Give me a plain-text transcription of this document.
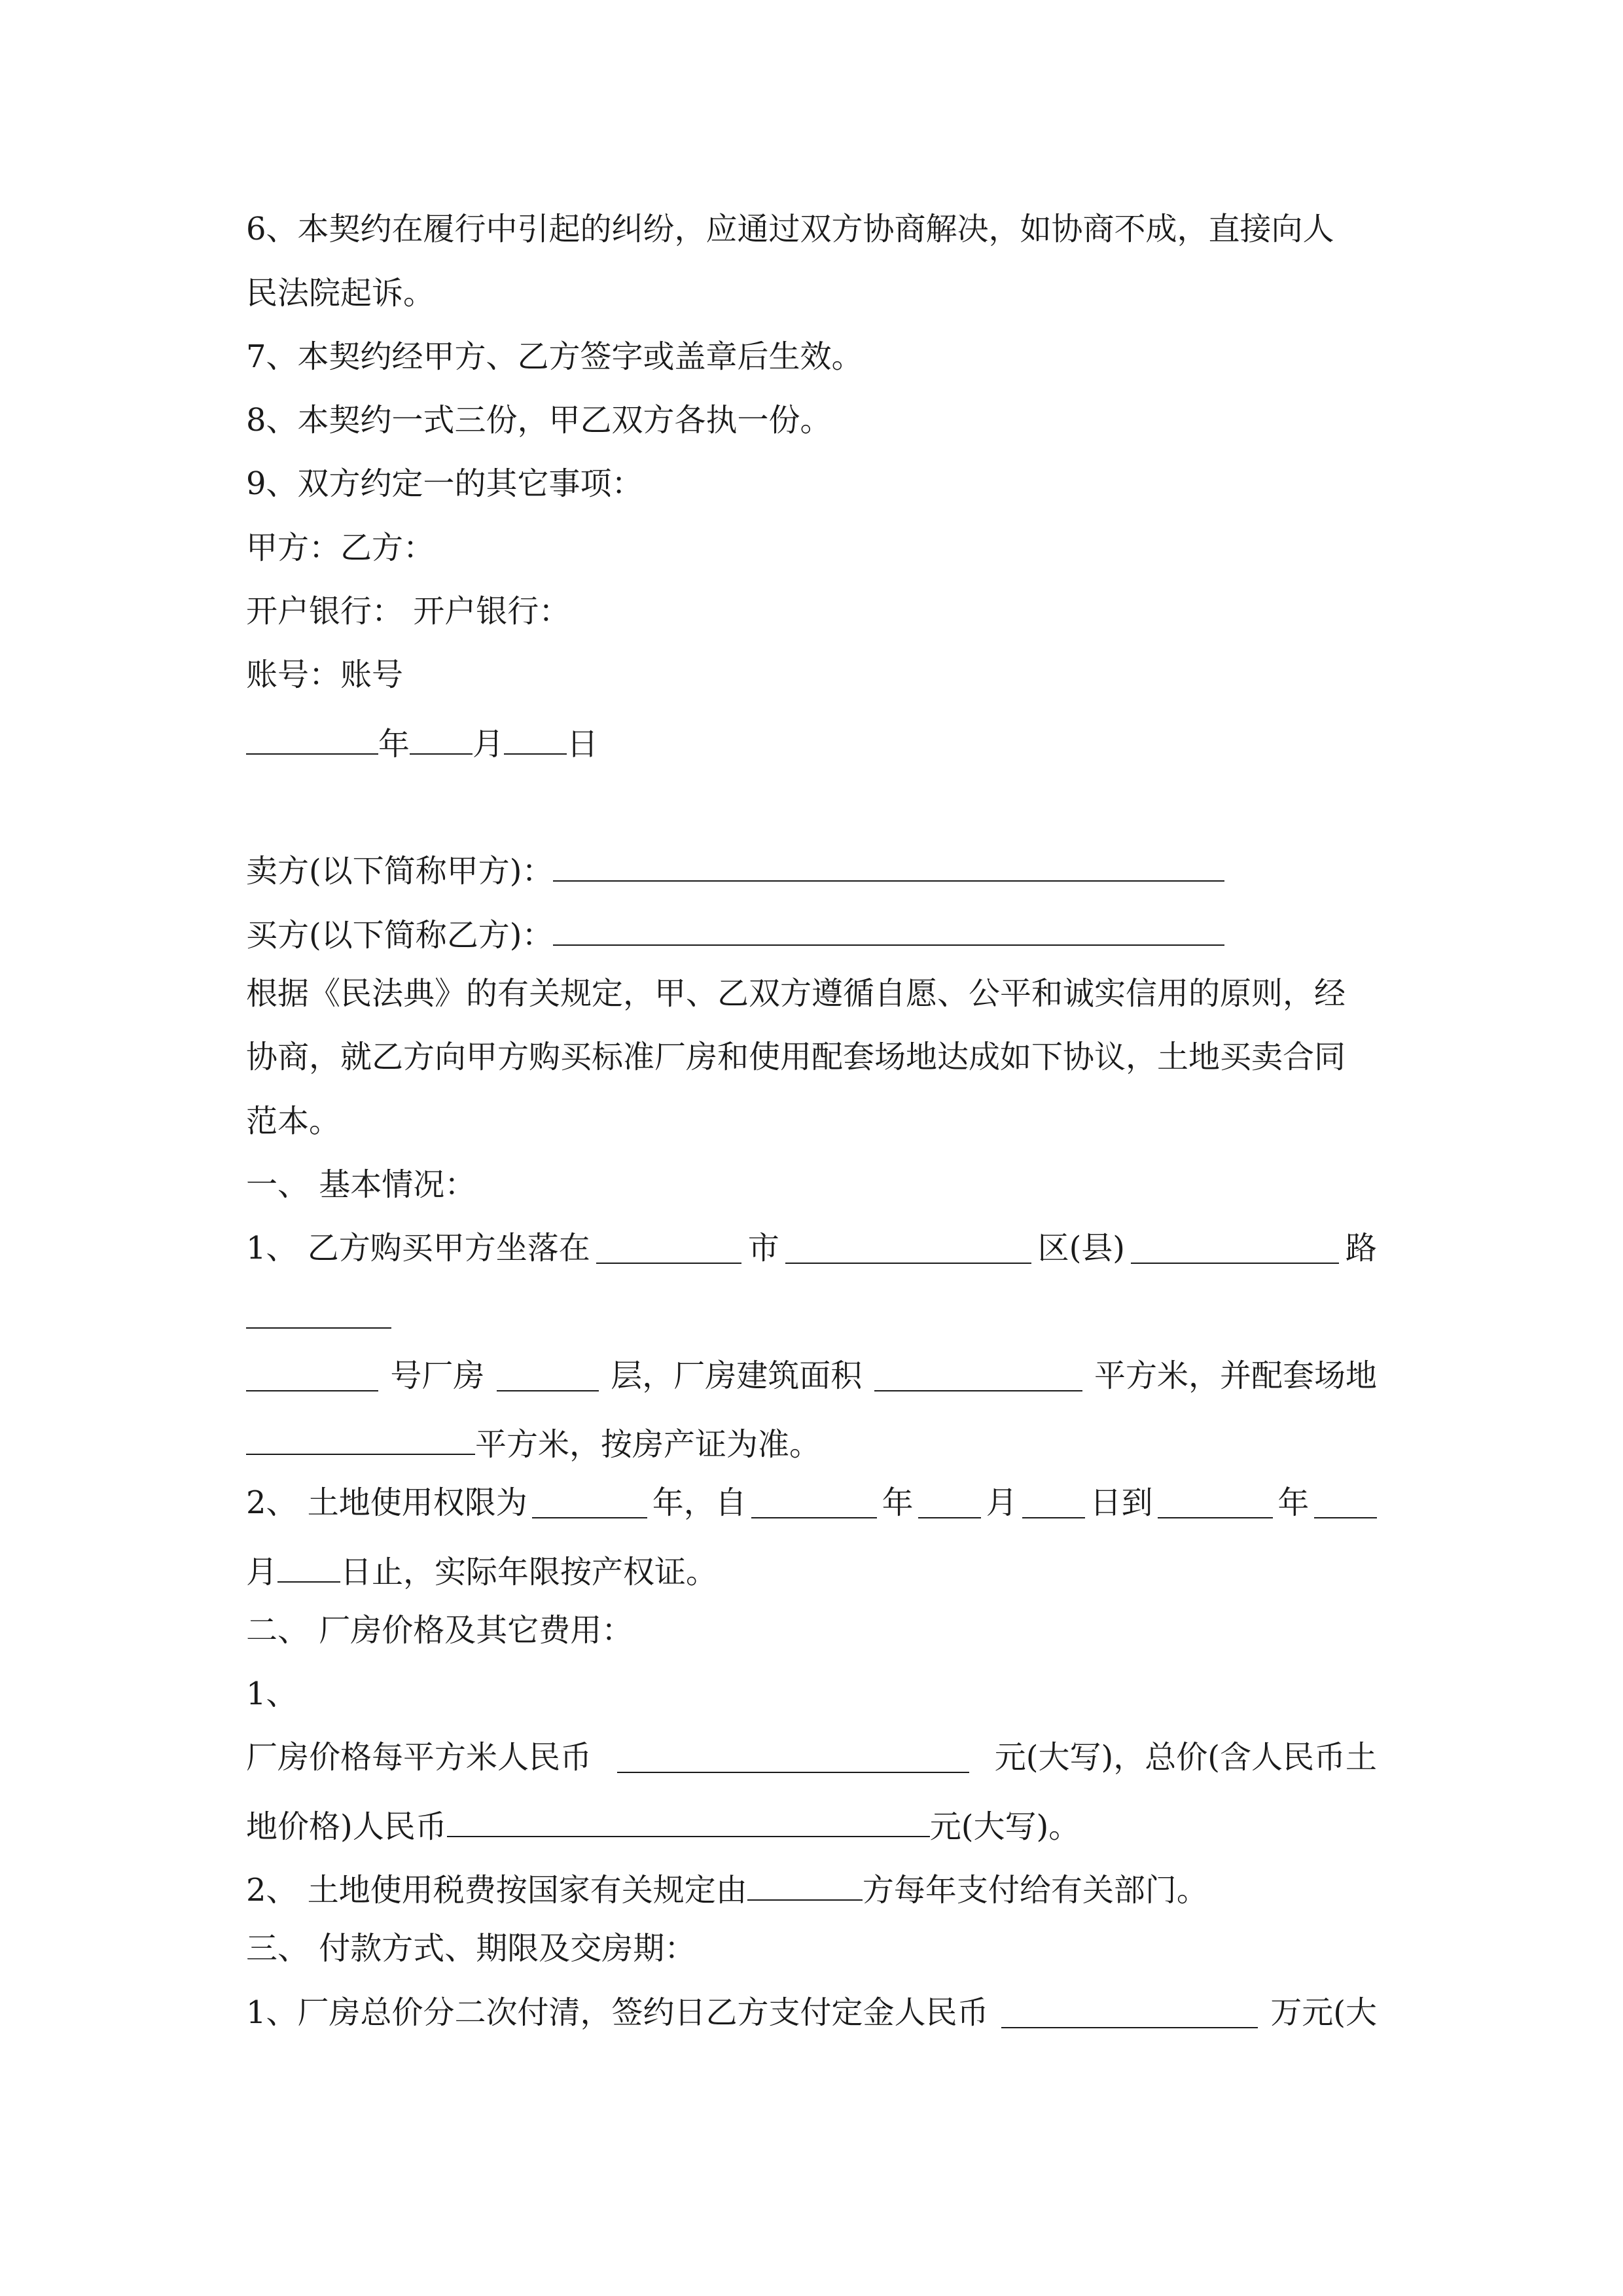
6、本契约在履行中引起的纠纷，应通过双方协商解决，如协商不成，直接向人
民法院起诉。
7、本契约经甲方、乙方签字或盖章后生效。
8、本契约一式三份，甲乙双方各执一份。
9、双方约定一的其它事项：
甲方：乙方：
开户银行： 开户银行：
账号：账号
年 月 日
卖方(以下简称甲方)：
买方(以下简称乙方)：
根据《民法典》的有关规定，甲、乙双方遵循自愿、公平和诚实信用的原则，经
协商，就乙方向甲方购买标准厂房和使用配套场地达成如下协议，土地买卖合同
范本。
一、 基本情况：
1、 乙方购买甲方坐落在	市	区(县)	路
号厂房	层，厂房建筑面积	平方米，并配套场地
平方米，按房产证为准。
2、 土地使用权限为	年，自	年 月 日到	年
月 日止，实际年限按产权证。
二、 厂房价格及其它费用：
1、
厂房价格每平方米人民币	元(大写)，总价(含人民币土
地价格)人民币	元(大写)。
2、 土地使用税费按国家有关规定由	方每年支付给有关部门。
三、 付款方式、期限及交房期：
1、厂房总价分二次付清，签约日乙方支付定金人民币	万元(大
